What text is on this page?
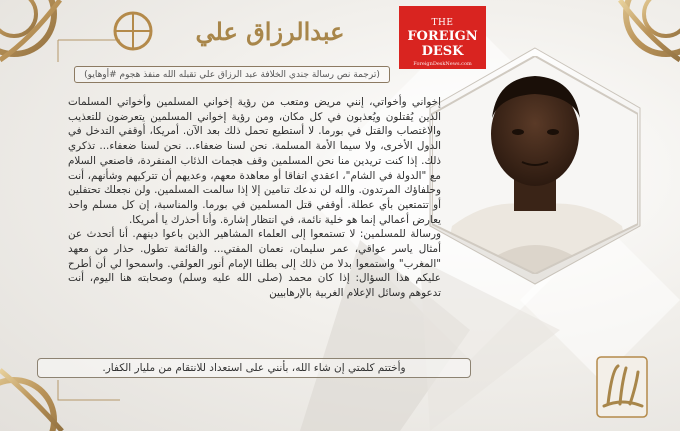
عبدالرزاق علي
(ترجمة نص رسالة جندي الخلافة عبد الرزاق علي تقبله الله منفذ هجوم #أوهايو)
THE
FOREIGN DESK
ForeignDeskNews.com

إخواني وأخواتي، إنني مريض ومتعب من رؤية إخواني المسلمين وأخواتي المسلمات الذين يُقتلون ويُعذبون في كل مكان، ومن رؤية إخواني المسلمين يتعرضون للتعذيب والاغتصاب والقتل في بورما. لا أستطيع تحمل ذلك بعد الآن. أمريكا، أوقفي التدخل في الدول الأخرى، ولا سيما الأمة المسلمة. نحن لسنا ضعفاء... نحن لسنا ضعفاء... تذكري ذلك. إذا كنت تريدين منا نحن المسلمين وقف هجمات الذئاب المنفردة، فاصنعي السلام مع "الدولة في الشام"، اعقدي اتفاقا أو معاهدة معهم، وعديهم أن تتركيهم وشأنهم، أنت وحلفاؤك المرتدون. والله لن ندعك تنامين إلا إذا سالمت المسلمين. ولن نجعلك تحتفلين أو تتمتعين بأي عطلة. أوقفي قتل المسلمين في بورما. والمناسبة، إن كل مسلم واحد يعارض أعمالي إنما هو خلية نائمة، في انتظار إشارة. وأنا أحذرك يا أمريكا.

ورسالة للمسلمين: لا تستمعوا إلى العلماء المشاهير الذين باعوا دينهم. أنا أتحدث عن أمثال ياسر عواقي، عمر سليمان، نعمان المفتي... والقائمة تطول. حذار من معهد "المغرب" واستمعوا بدلا من ذلك إلى بطلنا الإمام أنور العولقي. واسمحوا لي أن أطرح عليكم هذا السؤال: إذا كان محمد (صلى الله عليه وسلم) وصحابته هنا اليوم، أنت تدعوهم وسائل الإعلام الغربية بالإرهابيين

وأختتم كلمتي إن شاء الله، بأنني على استعداد للانتقام من مليار الكفار.
